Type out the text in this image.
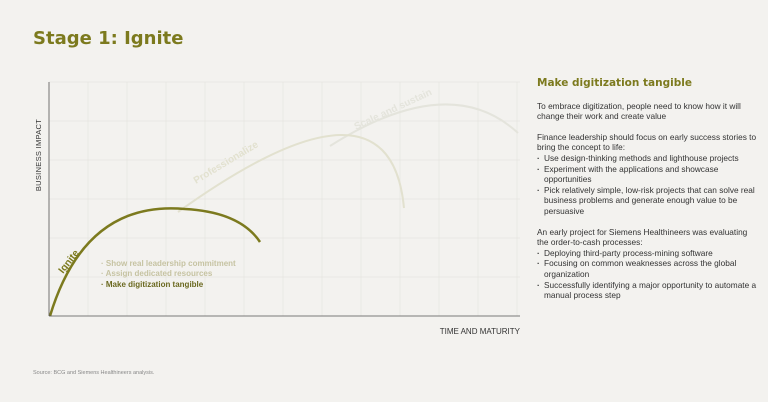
Stage 1: Ignite
BUSINESS IMPACT
TIME AND MATURITY
Ignite
Professionalize
Scale and sustain
· Show real leadership commitment
· Assign dedicated resources
· Make digitization tangible
Make digitization tangible

To embrace digitization, people need to know how it will change their work and create value

Finance leadership should focus on early success stories to bring the concept to life:

· Use design-thinking methods and lighthouse projects
· Experiment with the applications and showcase opportunities
· Pick relatively simple, low-risk projects that can solve real business problems and generate enough value to be persuasive

An early project for Siemens Healthineers was evaluating the order-to-cash processes:

· Deploying third-party process-mining software
· Focusing on common weaknesses across the global organization
· Successfully identifying a major opportunity to automate a manual process step
Source: BCG and Siemens Healthineers analysis.
